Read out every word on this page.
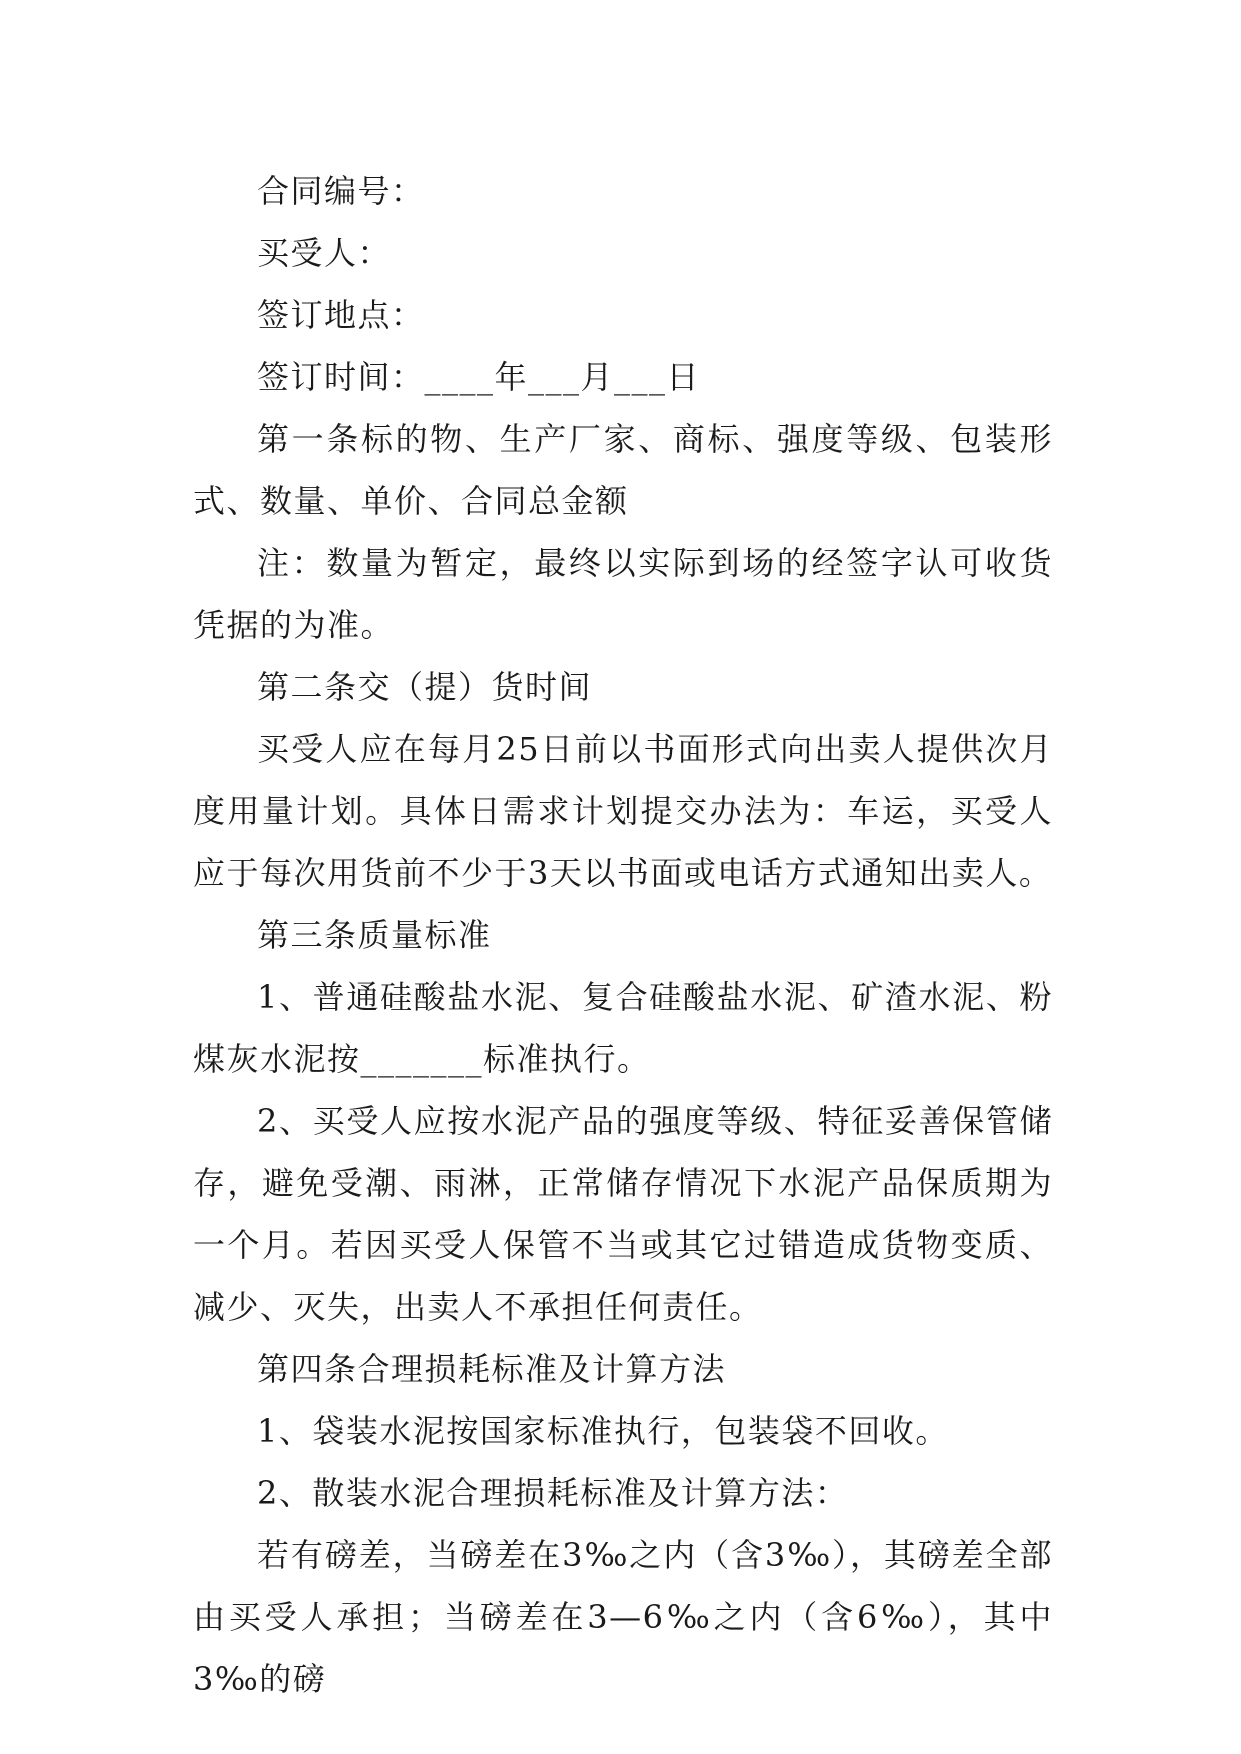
合同编号：

买受人：

签订地点：

签订时间：____年___月___日

第一条标的物、生产厂家、商标、强度等级、包装形式、数量、单价、合同总金额

注：数量为暂定，最终以实际到场的经签字认可收货凭据的为准。

第二条交（提）货时间

买受人应在每月25日前以书面形式向出卖人提供次月度用量计划。具体日需求计划提交办法为：车运，买受人应于每次用货前不少于3天以书面或电话方式通知出卖人。

第三条质量标准

1、普通硅酸盐水泥、复合硅酸盐水泥、矿渣水泥、粉煤灰水泥按_______标准执行。

2、买受人应按水泥产品的强度等级、特征妥善保管储存，避免受潮、雨淋，正常储存情况下水泥产品保质期为一个月。若因买受人保管不当或其它过错造成货物变质、减少、灭失，出卖人不承担任何责任。

第四条合理损耗标准及计算方法

1、袋装水泥按国家标准执行，包装袋不回收。

2、散装水泥合理损耗标准及计算方法：

若有磅差，当磅差在3‰之内（含3‰），其磅差全部由买受人承担；当磅差在3—6‰之内（含6‰），其中3‰的磅
